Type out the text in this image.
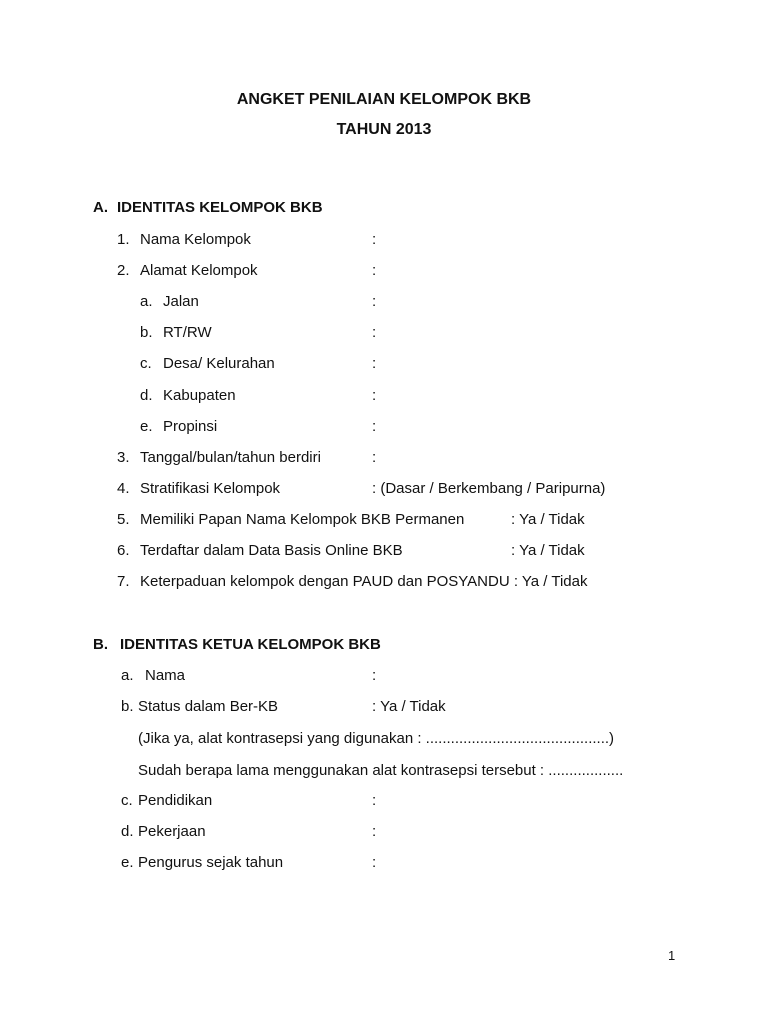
ANGKET PENILAIAN KELOMPOK BKB
TAHUN 2013
A. IDENTITAS KELOMPOK BKB
1. Nama Kelompok	:
2. Alamat Kelompok	:
a. Jalan	:
b. RT/RW	:
c. Desa/ Kelurahan	:
d. Kabupaten	:
e. Propinsi	:
3. Tanggal/bulan/tahun berdiri	:
4. Stratifikasi Kelompok	: (Dasar / Berkembang / Paripurna)
5. Memiliki Papan Nama Kelompok BKB Permanen	: Ya / Tidak
6. Terdaftar dalam Data Basis Online BKB	: Ya / Tidak
7. Keterpaduan kelompok dengan PAUD dan POSYANDU : Ya / Tidak
B. IDENTITAS KETUA KELOMPOK BKB
a. Nama	:
b. Status dalam Ber-KB	: Ya / Tidak
(Jika ya, alat kontrasepsi yang digunakan : ............................................)
Sudah berapa lama menggunakan alat kontrasepsi tersebut : ..................
c. Pendidikan	:
d. Pekerjaan	:
e. Pengurus sejak tahun	:
1
